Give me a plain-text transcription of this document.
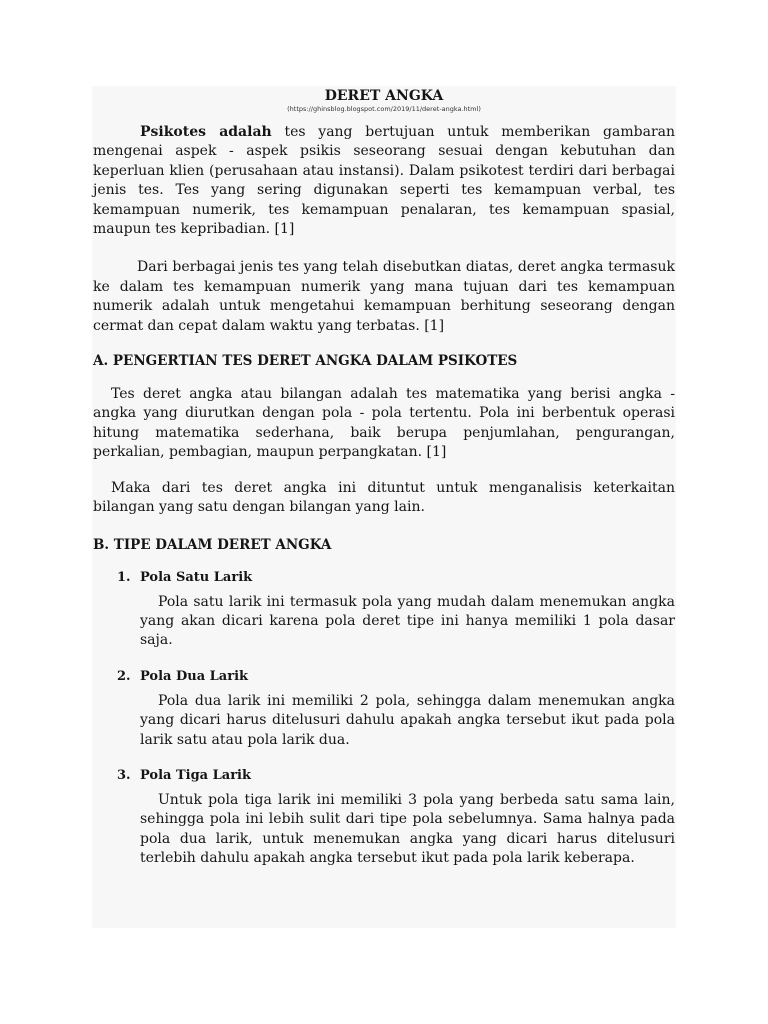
DERET ANGKA
(https://ghinsblog.blogspot.com/2019/11/deret-angka.html)

Psikotes adalah tes yang bertujuan untuk memberikan gambaran mengenai aspek - aspek psikis seseorang sesuai dengan kebutuhan dan keperluan klien (perusahaan atau instansi). Dalam psikotest terdiri dari berbagai jenis tes. Tes yang sering digunakan seperti tes kemampuan verbal, tes kemampuan numerik, tes kemampuan penalaran, tes kemampuan spasial, maupun tes kepribadian. [1]

Dari berbagai jenis tes yang telah disebutkan diatas, deret angka termasuk ke dalam tes kemampuan numerik yang mana tujuan dari tes kemampuan numerik adalah untuk mengetahui kemampuan berhitung seseorang dengan cermat dan cepat dalam waktu yang terbatas. [1]

A. PENGERTIAN TES DERET ANGKA DALAM PSIKOTES

Tes deret angka atau bilangan adalah tes matematika yang berisi angka - angka yang diurutkan dengan pola - pola tertentu. Pola ini berbentuk operasi hitung matematika sederhana, baik berupa penjumlahan, pengurangan, perkalian, pembagian, maupun perpangkatan. [1]

Maka dari tes deret angka ini dituntut untuk menganalisis keterkaitan bilangan yang satu dengan bilangan yang lain.

B. TIPE DALAM DERET ANGKA
1. Pola Satu Larik

Pola satu larik ini termasuk pola yang mudah dalam menemukan angka yang akan dicari karena pola deret tipe ini hanya memiliki 1 pola dasar saja.

2. Pola Dua Larik

Pola dua larik ini memiliki 2 pola, sehingga dalam menemukan angka yang dicari harus ditelusuri dahulu apakah angka tersebut ikut pada pola larik satu atau pola larik dua.

3. Pola Tiga Larik

Untuk pola tiga larik ini memiliki 3 pola yang berbeda satu sama lain, sehingga pola ini lebih sulit dari tipe pola sebelumnya. Sama halnya pada pola dua larik, untuk menemukan angka yang dicari harus ditelusuri terlebih dahulu apakah angka tersebut ikut pada pola larik keberapa.
